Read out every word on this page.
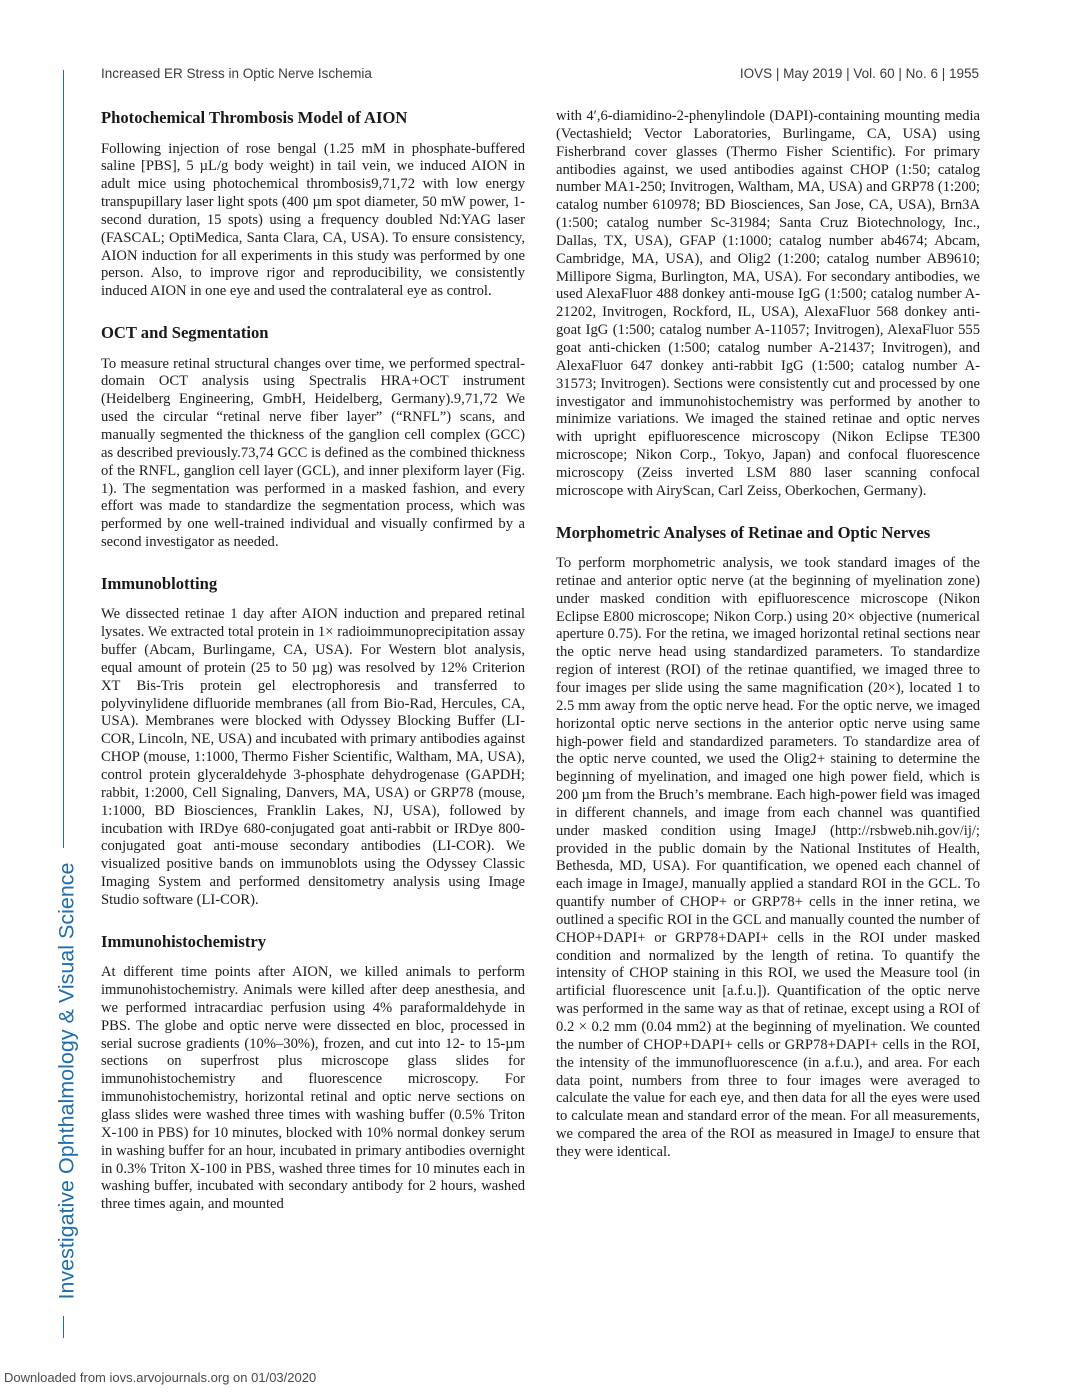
Increased ER Stress in Optic Nerve Ischemia	IOVS | May 2019 | Vol. 60 | No. 6 | 1955
Investigative Ophthalmology & Visual Science
Photochemical Thrombosis Model of AION

Following injection of rose bengal (1.25 mM in phosphate-buffered saline [PBS], 5 µL/g body weight) in tail vein, we induced AION in adult mice using photochemical thrombosis9,71,72 with low energy transpupillary laser light spots (400 µm spot diameter, 50 mW power, 1-second duration, 15 spots) using a frequency doubled Nd:YAG laser (FASCAL; OptiMedica, Santa Clara, CA, USA). To ensure consistency, AION induction for all experiments in this study was performed by one person. Also, to improve rigor and reproducibility, we consistently induced AION in one eye and used the contralateral eye as control.

OCT and Segmentation

To measure retinal structural changes over time, we performed spectral-domain OCT analysis using Spectralis HRA+OCT instrument (Heidelberg Engineering, GmbH, Heidelberg, Germany).9,71,72 We used the circular “retinal nerve fiber layer” (“RNFL”) scans, and manually segmented the thickness of the ganglion cell complex (GCC) as described previously.73,74 GCC is defined as the combined thickness of the RNFL, ganglion cell layer (GCL), and inner plexiform layer (Fig. 1). The segmentation was performed in a masked fashion, and every effort was made to standardize the segmentation process, which was performed by one well-trained individual and visually confirmed by a second investigator as needed.

Immunoblotting

We dissected retinae 1 day after AION induction and prepared retinal lysates. We extracted total protein in 1× radioimmunoprecipitation assay buffer (Abcam, Burlingame, CA, USA). For Western blot analysis, equal amount of protein (25 to 50 µg) was resolved by 12% Criterion XT Bis-Tris protein gel electrophoresis and transferred to polyvinylidene difluoride membranes (all from Bio-Rad, Hercules, CA, USA). Membranes were blocked with Odyssey Blocking Buffer (LI-COR, Lincoln, NE, USA) and incubated with primary antibodies against CHOP (mouse, 1:1000, Thermo Fisher Scientific, Waltham, MA, USA), control protein glyceraldehyde 3-phosphate dehydrogenase (GAPDH; rabbit, 1:2000, Cell Signaling, Danvers, MA, USA) or GRP78 (mouse, 1:1000, BD Biosciences, Franklin Lakes, NJ, USA), followed by incubation with IRDye 680-conjugated goat anti-rabbit or IRDye 800-conjugated goat anti-mouse secondary antibodies (LI-COR). We visualized positive bands on immunoblots using the Odyssey Classic Imaging System and performed densitometry analysis using Image Studio software (LI-COR).

Immunohistochemistry

At different time points after AION, we killed animals to perform immunohistochemistry. Animals were killed after deep anesthesia, and we performed intracardiac perfusion using 4% paraformaldehyde in PBS. The globe and optic nerve were dissected en bloc, processed in serial sucrose gradients (10%–30%), frozen, and cut into 12- to 15-µm sections on superfrost plus microscope glass slides for immunohistochemistry and fluorescence microscopy. For immunohistochemistry, horizontal retinal and optic nerve sections on glass slides were washed three times with washing buffer (0.5% Triton X-100 in PBS) for 10 minutes, blocked with 10% normal donkey serum in washing buffer for an hour, incubated in primary antibodies overnight in 0.3% Triton X-100 in PBS, washed three times for 10 minutes each in washing buffer, incubated with secondary antibody for 2 hours, washed three times again, and mounted

with 4′,6-diamidino-2-phenylindole (DAPI)-containing mounting media (Vectashield; Vector Laboratories, Burlingame, CA, USA) using Fisherbrand cover glasses (Thermo Fisher Scientific). For primary antibodies against, we used antibodies against CHOP (1:50; catalog number MA1-250; Invitrogen, Waltham, MA, USA) and GRP78 (1:200; catalog number 610978; BD Biosciences, San Jose, CA, USA), Brn3A (1:500; catalog number Sc-31984; Santa Cruz Biotechnology, Inc., Dallas, TX, USA), GFAP (1:1000; catalog number ab4674; Abcam, Cambridge, MA, USA), and Olig2 (1:200; catalog number AB9610; Millipore Sigma, Burlington, MA, USA). For secondary antibodies, we used AlexaFluor 488 donkey anti-mouse IgG (1:500; catalog number A-21202, Invitrogen, Rockford, IL, USA), AlexaFluor 568 donkey anti-goat IgG (1:500; catalog number A-11057; Invitrogen), AlexaFluor 555 goat anti-chicken (1:500; catalog number A-21437; Invitrogen), and AlexaFluor 647 donkey anti-rabbit IgG (1:500; catalog number A-31573; Invitrogen). Sections were consistently cut and processed by one investigator and immunohistochemistry was performed by another to minimize variations. We imaged the stained retinae and optic nerves with upright epifluorescence microscopy (Nikon Eclipse TE300 microscope; Nikon Corp., Tokyo, Japan) and confocal fluorescence microscopy (Zeiss inverted LSM 880 laser scanning confocal microscope with AiryScan, Carl Zeiss, Oberkochen, Germany).

Morphometric Analyses of Retinae and Optic Nerves

To perform morphometric analysis, we took standard images of the retinae and anterior optic nerve (at the beginning of myelination zone) under masked condition with epifluorescence microscope (Nikon Eclipse E800 microscope; Nikon Corp.) using 20× objective (numerical aperture 0.75). For the retina, we imaged horizontal retinal sections near the optic nerve head using standardized parameters. To standardize region of interest (ROI) of the retinae quantified, we imaged three to four images per slide using the same magnification (20×), located 1 to 2.5 mm away from the optic nerve head. For the optic nerve, we imaged horizontal optic nerve sections in the anterior optic nerve using same high-power field and standardized parameters. To standardize area of the optic nerve counted, we used the Olig2+ staining to determine the beginning of myelination, and imaged one high power field, which is 200 µm from the Bruch’s membrane. Each high-power field was imaged in different channels, and image from each channel was quantified under masked condition using ImageJ (http://rsbweb.nih.gov/ij/; provided in the public domain by the National Institutes of Health, Bethesda, MD, USA). For quantification, we opened each channel of each image in ImageJ, manually applied a standard ROI in the GCL. To quantify number of CHOP+ or GRP78+ cells in the inner retina, we outlined a specific ROI in the GCL and manually counted the number of CHOP+DAPI+ or GRP78+DAPI+ cells in the ROI under masked condition and normalized by the length of retina. To quantify the intensity of CHOP staining in this ROI, we used the Measure tool (in artificial fluorescence unit [a.f.u.]). Quantification of the optic nerve was performed in the same way as that of retinae, except using a ROI of 0.2 × 0.2 mm (0.04 mm2) at the beginning of myelination. We counted the number of CHOP+DAPI+ cells or GRP78+DAPI+ cells in the ROI, the intensity of the immunofluorescence (in a.f.u.), and area. For each data point, numbers from three to four images were averaged to calculate the value for each eye, and then data for all the eyes were used to calculate mean and standard error of the mean. For all measurements, we compared the area of the ROI as measured in ImageJ to ensure that they were identical.

Downloaded from iovs.arvojournals.org on 01/03/2020
